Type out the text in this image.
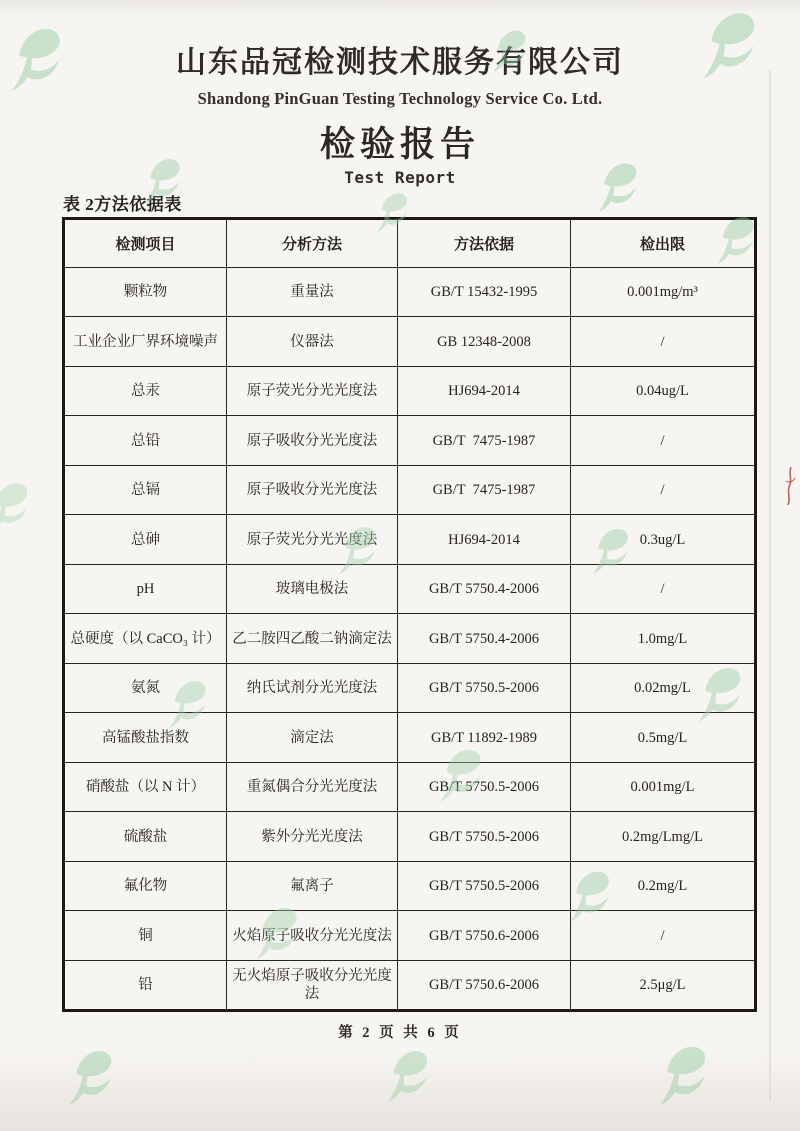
山东品冠检测技术服务有限公司
Shandong PinGuan Testing Technology Service Co. Ltd.
检验报告
Test Report
表 2方法依据表
检测项目	分析方法	方法依据	检出限
颗粒物	重量法	GB/T 15432-1995	0.001mg/m³
工业企业厂界环境噪声	仪器法	GB 12348-2008	/
总汞	原子荧光分光光度法	HJ694-2014	0.04ug/L
总铅	原子吸收分光光度法	GB/T  7475-1987	/
总镉	原子吸收分光光度法	GB/T  7475-1987	/
总砷	原子荧光分光光度法	HJ694-2014	0.3ug/L
pH	玻璃电极法	GB/T 5750.4-2006	/
总硬度（以 CaCO₃ 计）	乙二胺四乙酸二钠滴定法	GB/T 5750.4-2006	1.0mg/L
氨氮	纳氏试剂分光光度法	GB/T 5750.5-2006	0.02mg/L
高锰酸盐指数	滴定法	GB/T 11892-1989	0.5mg/L
硝酸盐（以 N 计）	重氮偶合分光光度法	GB/T 5750.5-2006	0.001mg/L
硫酸盐	紫外分光光度法	GB/T 5750.5-2006	0.2mg/Lmg/L
氟化物	氟离子	GB/T 5750.5-2006	0.2mg/L
铜	火焰原子吸收分光光度法	GB/T 5750.6-2006	/
铅	无火焰原子吸收分光光度法	GB/T 5750.6-2006	2.5μg/L
第 2 页 共 6 页
